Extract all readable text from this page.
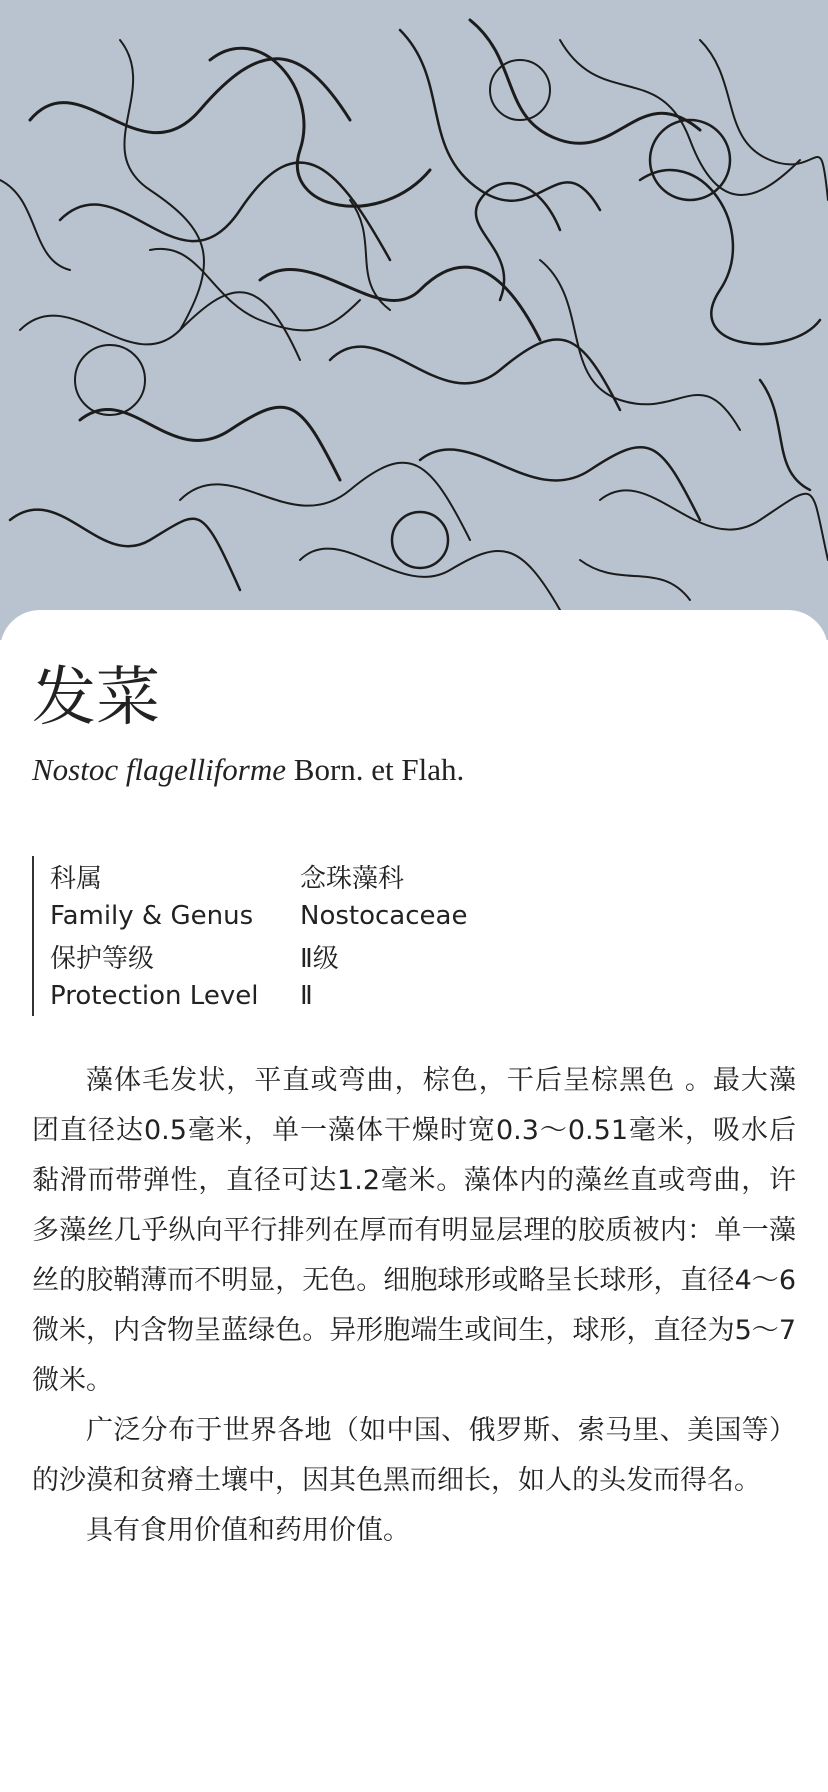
发菜
Nostoc flagelliforme Born. et Flah.
科属	念珠藻科
Family & Genus	Nostocaceae
保护等级	Ⅱ级
Protection Level	Ⅱ

藻体毛发状，平直或弯曲，棕色，干后呈棕黑色 。最大藻团直径达0.5毫米，单一藻体干燥时宽0.3～0.51毫米，吸水后黏滑而带弹性，直径可达1.2毫米。藻体内的藻丝直或弯曲，许多藻丝几乎纵向平行排列在厚而有明显层理的胶质被内：单一藻丝的胶鞘薄而不明显，无色。细胞球形或略呈长球形，直径4～6　微米，内含物呈蓝绿色。异形胞端生或间生，球形，直径为5～7微米。

广泛分布于世界各地（如中国、俄罗斯、索马里、美国等）的沙漠和贫瘠土壤中，因其色黑而细长，如人的头发而得名。

具有食用价值和药用价值。
